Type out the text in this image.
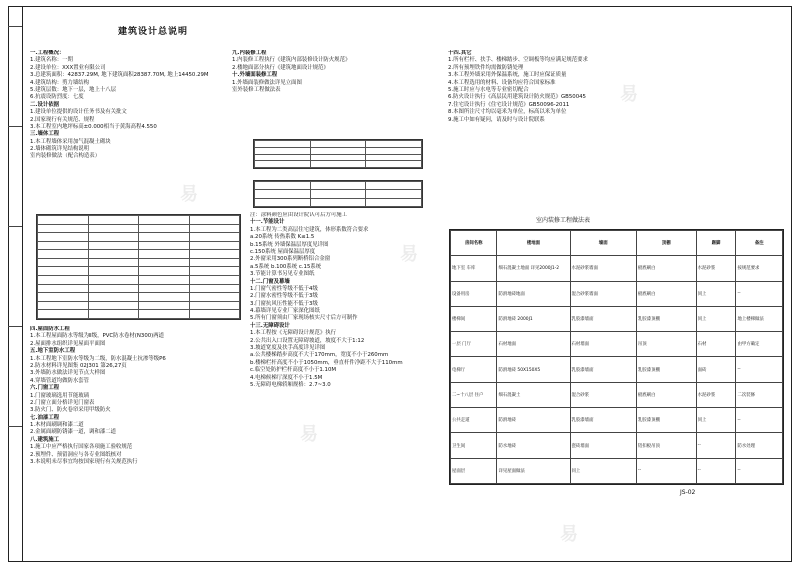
易
易
易
易
易
建筑设计总说明
一.工程概况：
1.建筑名称：一期
2.建设单位：XXX置业有限公司
3.总建筑面积：42837.29M, 地下建筑面积28387.70M, 地上14450.29M
4.建筑结构：剪力墙结构
5.建筑层数：地下一层，地上十八层
6.抗震设防烈度：七度
二.设计依据
1.建设单位提供的设计任务书及有关批文
2.国家现行有关规范、规程
3.本工程室内地坪标高±0.000相当于黄海高程4.550
三.墙体工程
1.本工程墙体采用加气混凝土砌块
2.墙体砌筑详见结构说明
室内装修做法（配合构造表）

四.屋面防水工程
1.本工程屋面防水等级为Ⅱ级，PVC防水卷材(N300)两道
2.屋面排水组织详见屋面平面图
五.地下室防水工程
1.本工程地下室防水等级为二级，防水混凝土抗渗等级P6
2.防水材料详见图集 02J301 第26,27页
3.外墙防水做法详见节点大样图
4.穿墙管道均做防水套管
六.门窗工程
1.门窗玻璃选用节能玻璃
2.门窗立面分格详见门窗表
3.防火门、防火卷帘采用甲级防火
七.油漆工程
1.木材面刷调和漆二道
2.金属面刷防锈漆一道，调和漆二道
八.建筑施工
1.施工中应严格执行国家各项施工验收规范
2.预埋件、预留洞应与各专业图纸核对
3.本说明未尽事宜均按国家现行有关规范执行
九.内装修工程
1.内装修工程执行《建筑内部装修设计防火规范》
2.楼地面部分执行《建筑地面设计规范》
十.外墙面装修工程
1.外墙面装修做法详见立面图
室外装修工程做法表

注：涂料颜色应由设计院认可后方可施工
十一.节能设计
1.本工程为二类高层住宅建筑，体形系数符合要求
a.20系统 传热系数 K≤1.5
b.15系统 外墙保温层厚度见详图
c.150系统 屋面保温层厚度
2.外窗采用300系列断桥铝合金窗
a.5系统 b.100系统 c.15系统
3.节能计算书另见专业图纸
十二.门窗及幕墙
1.门窗气密性等级不低于4级
2.门窗水密性等级不低于3级
3.门窗抗风压性能不低于3级
4.幕墙详见专业厂家深化图纸
5.所有门窗须由厂家现场核实尺寸后方可制作
十三.无障碍设计
1.本工程按《无障碍设计规范》执行
2.公共出入口设置无障碍坡道，坡度不大于1:12
3.坡道宽度及扶手高度详见详图
a.公共楼梯踏步高度不大于170mm，宽度不小于260mm
b.楼梯栏杆高度不小于1050mm，垂直杆件净距不大于110mm
c.临空处防护栏杆高度不小于1.10M
4.电梯候梯厅深度不小于1.5M
5.无障碍电梯轿厢规格：2.7~3.0
十四.其它
1.所有栏杆、扶手、楼梯踏步、空调板等均应满足规范要求
2.所有预埋铁件均需做防锈处理
3.本工程外墙采用外保温系统，施工时应保证质量
4.本工程选用的材料、设备均应符合国家标准
5.施工时应与水电等专业密切配合
6.防火设计执行《高层民用建筑设计防火规范》GB50045
7.住宅设计执行《住宅设计规范》GB50096-2011
8.本图所注尺寸均以毫米为单位，标高以米为单位
9.施工中如有疑问，请及时与设计院联系
室内装修工程做法表
房间名称	楼地面	墙面	顶棚	踢脚	备注
地下室 车库	细石混凝土地面 详见2000J1-2	水泥砂浆墙面	板底刷白	水泥砂浆	按规范要求
设备用房	防滑地砖地面	混合砂浆墙面	板底刷白	同上	--
楼梯间	防滑地砖 2000J1	乳胶漆墙面	乳胶漆顶棚	同上	地上楼梯做法
一层 门厅	石材地面	石材墙面	吊顶	石材	由甲方确定
电梯厅	防滑地砖 50X150X5	乳胶漆墙面	乳胶漆顶棚	面砖	--
二~十八层 住户	细石混凝土	混合砂浆	板底刷白	水泥砂浆	二次装修
公共走道	防滑地砖	乳胶漆墙面	乳胶漆顶棚	同上	--
卫生间	防水地砖	瓷砖墙面	铝扣板吊顶	--	防水处理
屋面层	详见屋面做法	同上	--	--	--
JS-02
